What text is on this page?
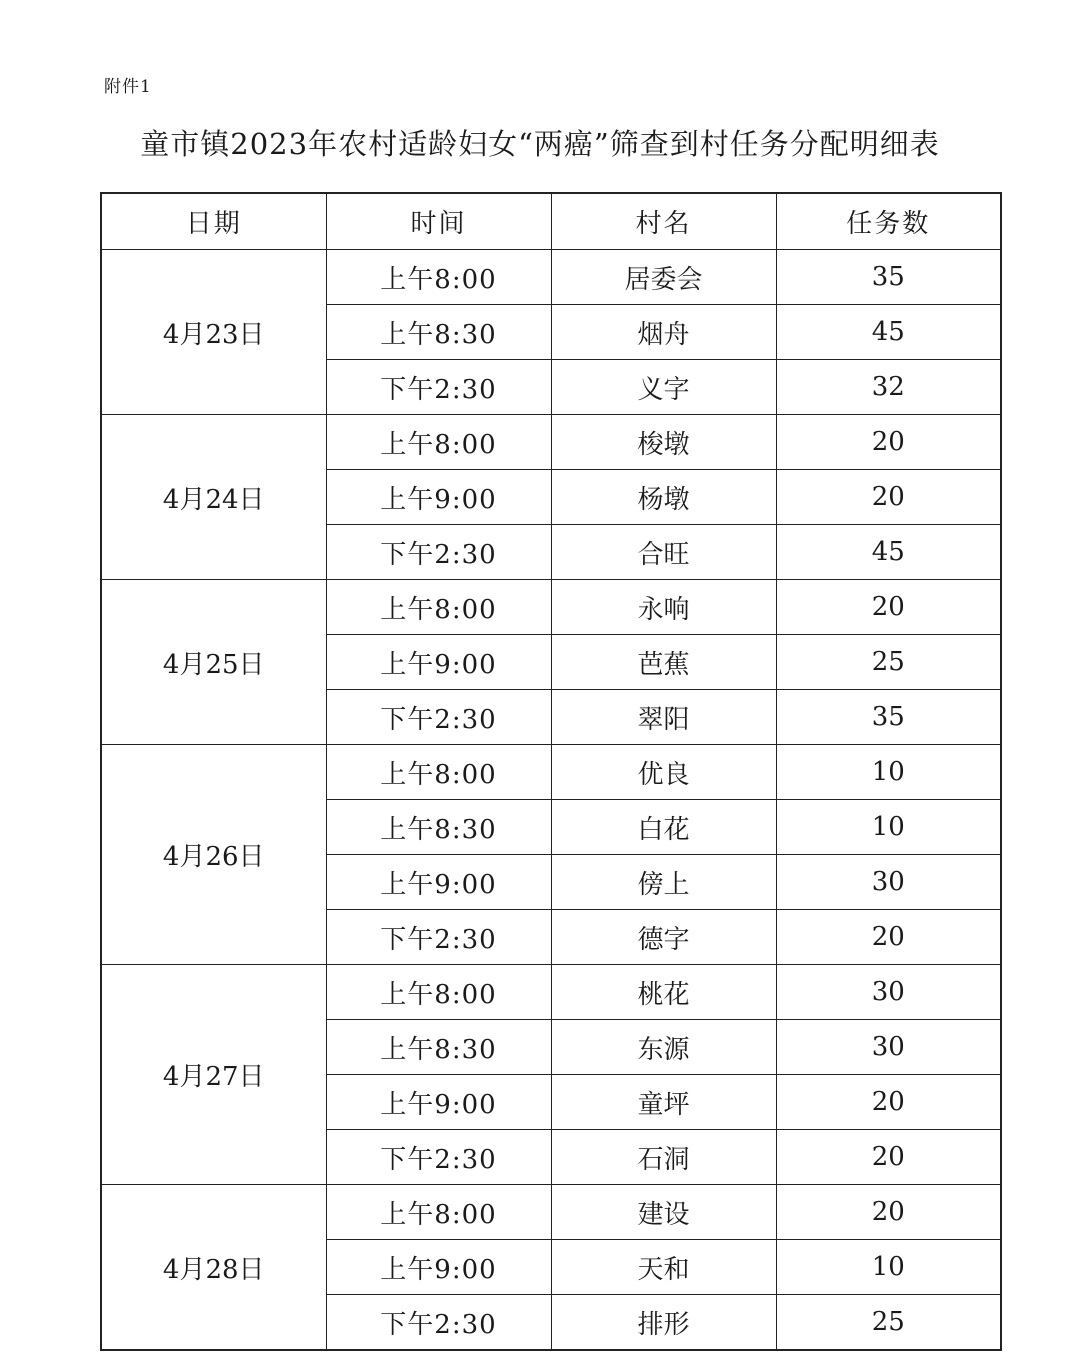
附件1
童市镇2023年农村适龄妇女“两癌”筛查到村任务分配明细表
日期	时间	村名	任务数
4月23日	上午8:00	居委会	35
	上午8:30	烟舟	45
	下午2:30	义字	32
4月24日	上午8:00	梭墩	20
	上午9:00	杨墩	20
	下午2:30	合旺	45
4月25日	上午8:00	永响	20
	上午9:00	芭蕉	25
	下午2:30	翠阳	35
4月26日	上午8:00	优良	10
	上午8:30	白花	10
	上午9:00	傍上	30
	下午2:30	德字	20
4月27日	上午8:00	桃花	30
	上午8:30	东源	30
	上午9:00	童坪	20
	下午2:30	石洞	20
4月28日	上午8:00	建设	20
	上午9:00	天和	10
	下午2:30	排形	25
